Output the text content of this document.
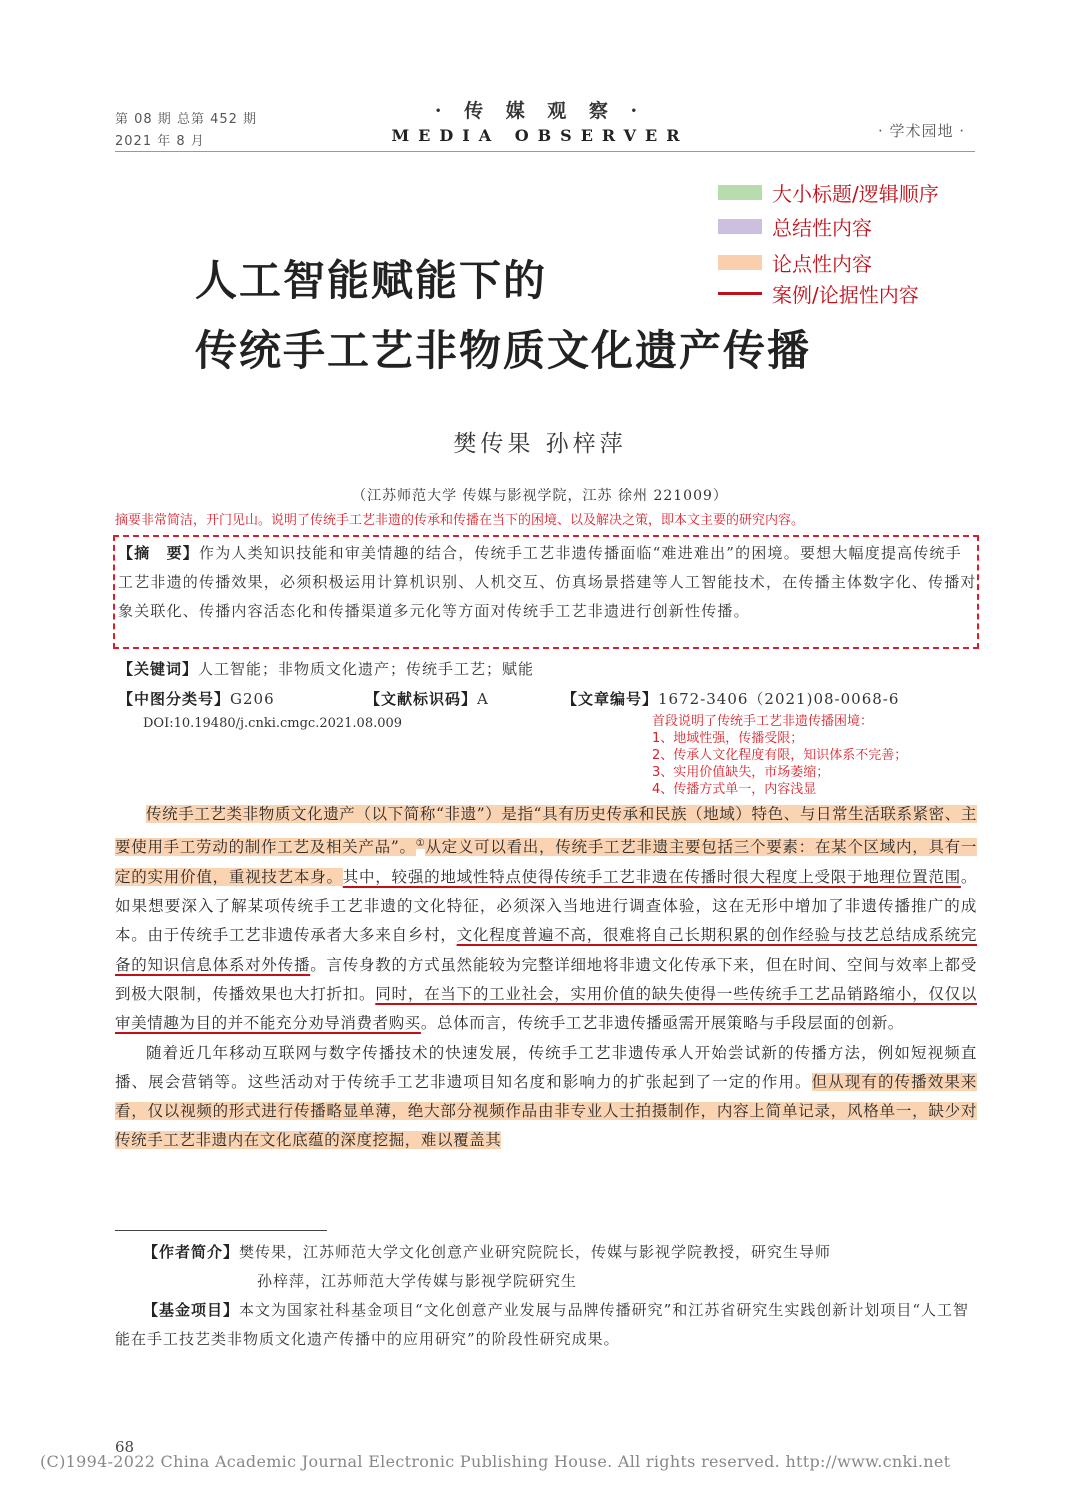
第 08 期 总第 452 期
2021 年 8 月
· 传 媒 观 察 ·
MEDIA OBSERVER	· 学术园地 ·
大小标题/逻辑顺序
总结性内容
论点性内容
案例/论据性内容
人工智能赋能下的
传统手工艺非物质文化遗产传播
樊传果 孙梓萍
（江苏师范大学 传媒与影视学院，江苏 徐州 221009）
摘要非常简洁，开门见山。说明了传统手工艺非遗的传承和传播在当下的困境、以及解决之策，即本文主要的研究内容。
【摘　要】作为人类知识技能和审美情趣的结合，传统手工艺非遗传播面临“难进难出”的困境。要想大幅度提高传统手工艺非遗的传播效果，必须积极运用计算机识别、人机交互、仿真场景搭建等人工智能技术，在传播主体数字化、传播对象关联化、传播内容活态化和传播渠道多元化等方面对传统手工艺非遗进行创新性传播。
【关键词】人工智能；非物质文化遗产；传统手工艺；赋能
【中图分类号】G206	【文献标识码】A	【文章编号】1672-3406（2021)08-0068-6
DOI:10.19480/j.cnki.cmgc.2021.08.009	首段说明了传统手工艺非遗传播困境：
1、地域性强，传播受限；
2、传承人文化程度有限，知识体系不完善；
3、实用价值缺失，市场萎缩；
4、传播方式单一，内容浅显

传统手工艺类非物质文化遗产（以下简称“非遗”）是指“具有历史传承和民族（地域）特色、与日常生活联系紧密、主要使用手工劳动的制作工艺及相关产品”。①从定义可以看出，传统手工艺非遗主要包括三个要素：在某个区域内，具有一定的实用价值，重视技艺本身。其中，较强的地域性特点使得传统手工艺非遗在传播时很大程度上受限于地理位置范围。如果想要深入了解某项传统手工艺非遗的文化特征，必须深入当地进行调查体验，这在无形中增加了非遗传播推广的成本。由于传统手工艺非遗传承者大多来自乡村，文化程度普遍不高，很难将自己长期积累的创作经验与技艺总结成系统完备的知识信息体系对外传播。言传身教的方式虽然能较为完整详细地将非遗文化传承下来，但在时间、空间与效率上都受到极大限制，传播效果也大打折扣。同时，在当下的工业社会，实用价值的缺失使得一些传统手工艺品销路缩小，仅仅以审美情趣为目的并不能充分劝导消费者购买。总体而言，传统手工艺非遗传播亟需开展策略与手段层面的创新。

随着近几年移动互联网与数字传播技术的快速发展，传统手工艺非遗传承人开始尝试新的传播方法，例如短视频直播、展会营销等。这些活动对于传统手工艺非遗项目知名度和影响力的扩张起到了一定的作用。但从现有的传播效果来看，仅以视频的形式进行传播略显单薄，绝大部分视频作品由非专业人士拍摄制作，内容上简单记录，风格单一，缺少对传统手工艺非遗内在文化底蕴的深度挖掘，难以覆盖其

【作者简介】樊传果，江苏师范大学文化创意产业研究院院长，传媒与影视学院教授，研究生导师
孙梓萍，江苏师范大学传媒与影视学院研究生
【基金项目】本文为国家社科基金项目“文化创意产业发展与品牌传播研究”和江苏省研究生实践创新计划项目“人工智能在手工技艺类非物质文化遗产传播中的应用研究”的阶段性研究成果。
68
(C)1994-2022 China Academic Journal Electronic Publishing House. All rights reserved. http://www.cnki.net
